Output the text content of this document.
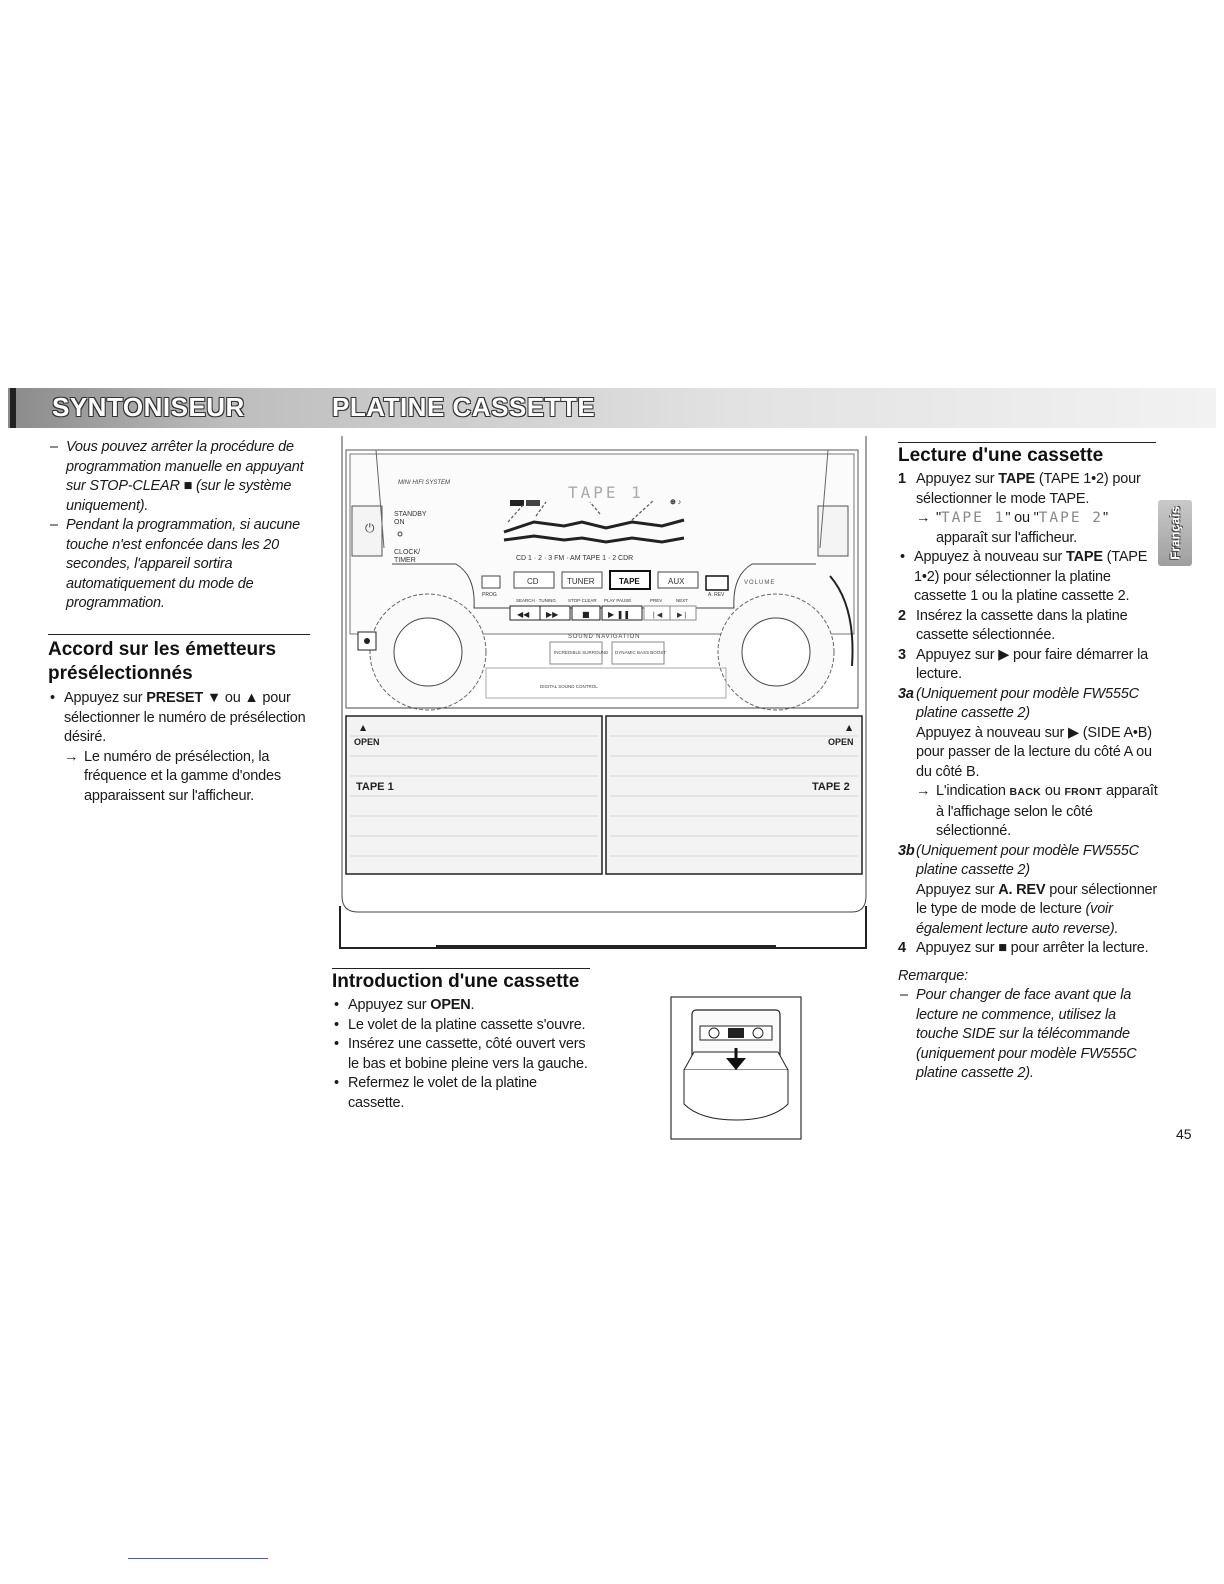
SYNTONISEUR	PLATINE CASSETTE
– Vous pouvez arrêter la procédure de programmation manuelle en appuyant sur STOP-CLEAR ■ (sur le système uniquement).
– Pendant la programmation, si aucune touche n'est enfoncée dans les 20 secondes, l'appareil sortira automatiquement du mode de programmation.
Accord sur les émetteurs
présélectionnés
• Appuyez sur PRESET ▼ ou ▲ pour sélectionner le numéro de présélection désiré.
→ Le numéro de présélection, la fréquence et la gamme d'ondes apparaissent sur l'afficheur.
⏻
MINI HIFI SYSTEM
STANDBY
ON
CLOCK/
TIMER
TAPE 1
⊕ ♪
CD 1 · 2 · 3 FM · AM TAPE 1 · 2 CDR
CD	TUNER	TAPE	AUX
PROG	A. REV
VOLUME
SEARCH · TUNING	STOP·CLEAR PLAY PAUSE	PREV	NEXT
◀◀ ▶▶	■ ▶ ❚❚	❘◀ ▶❘
SOUND NAVIGATION
INCREDIBLE SURROUND DYNAMIC BASS BOOST
DIGITAL SOUND CONTROL
▲
OPEN
▲
OPEN
TAPE 1	TAPE 2
Introduction d'une cassette
• Appuyez sur OPEN.
• Le volet de la platine cassette s'ouvre.
• Insérez une cassette, côté ouvert vers le bas et bobine pleine vers la gauche.
• Refermez le volet de la platine cassette.
Lecture d'une cassette
1 Appuyez sur TAPE (TAPE 1•2) pour sélectionner le mode TAPE.
→ "TAPE 1" ou "TAPE 2"
apparaît sur l'afficheur.
• Appuyez à nouveau sur TAPE (TAPE 1•2) pour sélectionner la platine cassette 1 ou la platine cassette 2.
2 Insérez la cassette dans la platine cassette sélectionnée.
3 Appuyez sur ▶ pour faire démarrer la lecture.
3a (Uniquement pour modèle FW555C platine cassette 2)
Appuyez à nouveau sur ▶ (SIDE A•B) pour passer de la lecture du côté A ou du côté B.
→ L'indication BACK ou FRONT apparaît à l'affichage selon le côté sélectionné.
3b (Uniquement pour modèle FW555C platine cassette 2)
Appuyez sur A. REV pour sélectionner le type de mode de lecture (voir également lecture auto reverse).
4 Appuyez sur ■ pour arrêter la lecture.
Remarque:
– Pour changer de face avant que la lecture ne commence, utilisez la touche SIDE sur la télécommande (uniquement pour modèle FW555C platine cassette 2).
Français
45
